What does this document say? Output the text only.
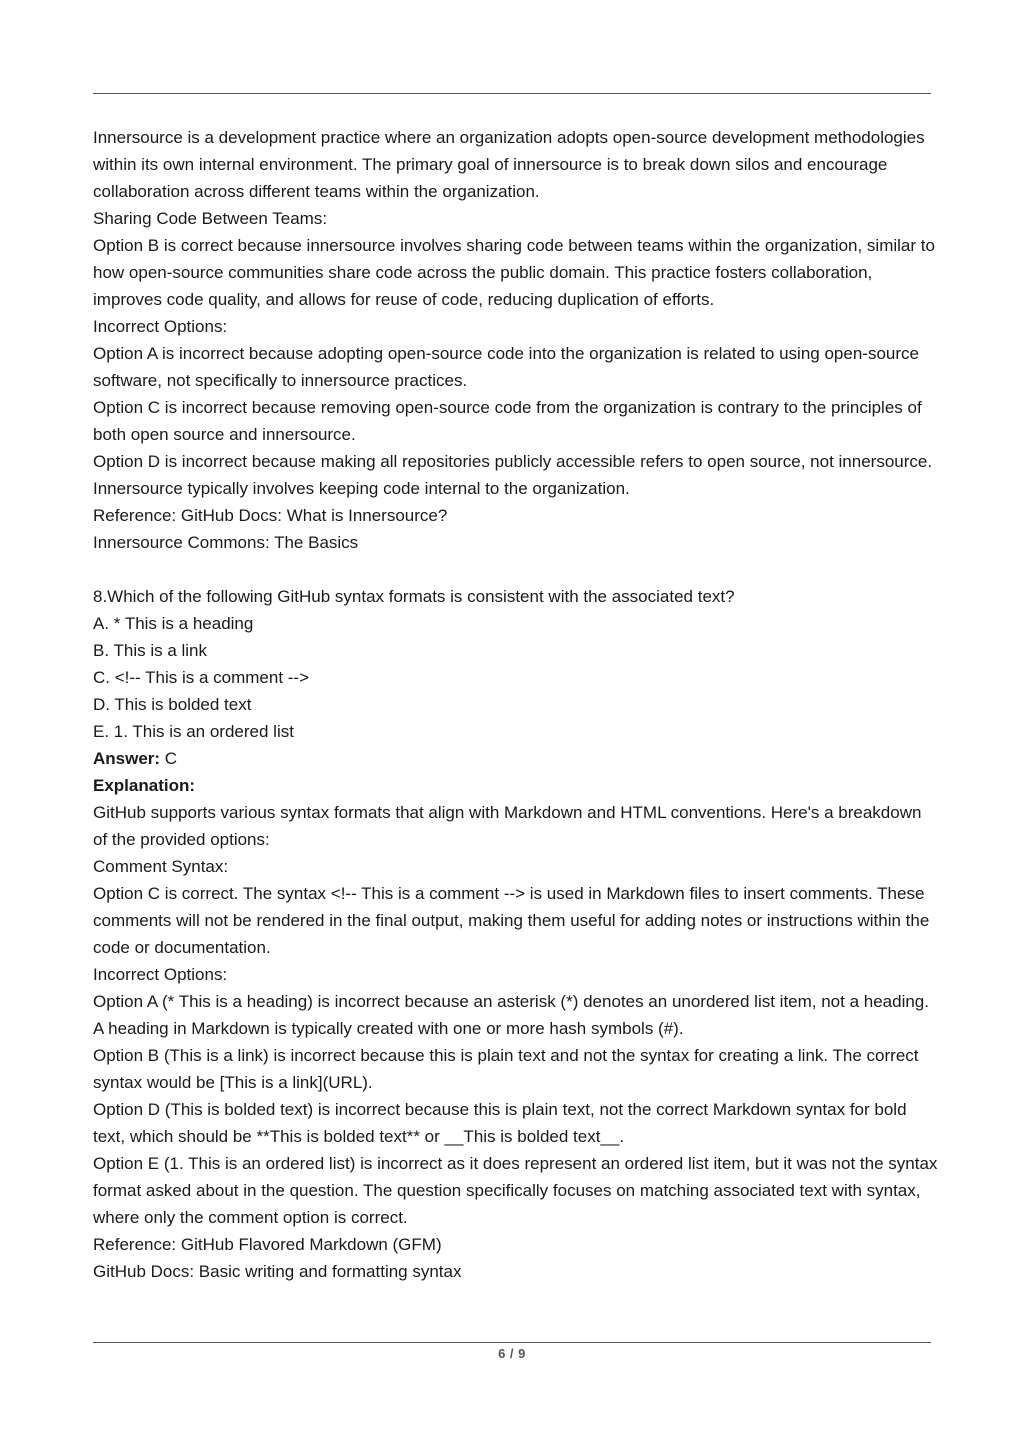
Innersource is a development practice where an organization adopts open-source development methodologies within its own internal environment. The primary goal of innersource is to break down silos and encourage collaboration across different teams within the organization.

Sharing Code Between Teams:

Option B is correct because innersource involves sharing code between teams within the organization, similar to how open-source communities share code across the public domain. This practice fosters collaboration, improves code quality, and allows for reuse of code, reducing duplication of efforts.

Incorrect Options:

Option A is incorrect because adopting open-source code into the organization is related to using open-source software, not specifically to innersource practices.

Option C is incorrect because removing open-source code from the organization is contrary to the principles of both open source and innersource.

Option D is incorrect because making all repositories publicly accessible refers to open source, not innersource. Innersource typically involves keeping code internal to the organization.

Reference: GitHub Docs: What is Innersource?

Innersource Commons: The Basics

8.Which of the following GitHub syntax formats is consistent with the associated text?

A. * This is a heading

B. This is a link

C. <!-- This is a comment -->

D. This is bolded text

E. 1. This is an ordered list

Answer: C

Explanation:

GitHub supports various syntax formats that align with Markdown and HTML conventions. Here's a breakdown of the provided options:

Comment Syntax:

Option C is correct. The syntax <!-- This is a comment --> is used in Markdown files to insert comments. These comments will not be rendered in the final output, making them useful for adding notes or instructions within the code or documentation.

Incorrect Options:

Option A (* This is a heading) is incorrect because an asterisk (*) denotes an unordered list item, not a heading. A heading in Markdown is typically created with one or more hash symbols (#).

Option B (This is a link) is incorrect because this is plain text and not the syntax for creating a link. The correct syntax would be [This is a link](URL).

Option D (This is bolded text) is incorrect because this is plain text, not the correct Markdown syntax for bold text, which should be **This is bolded text** or __This is bolded text__.

Option E (1. This is an ordered list) is incorrect as it does represent an ordered list item, but it was not the syntax format asked about in the question. The question specifically focuses on matching associated text with syntax, where only the comment option is correct.

Reference: GitHub Flavored Markdown (GFM)

GitHub Docs: Basic writing and formatting syntax

6 / 9
